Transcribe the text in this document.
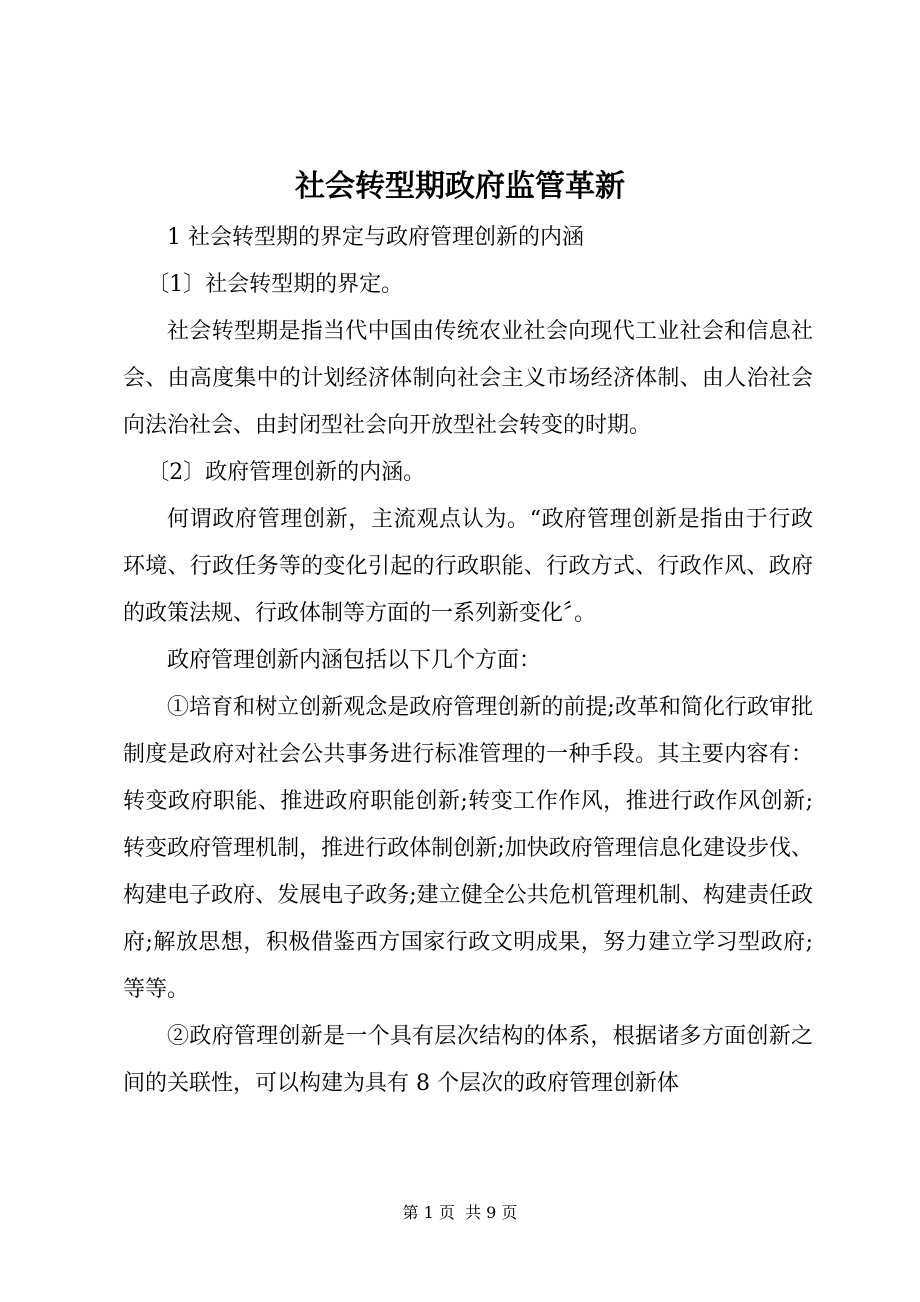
社会转型期政府监管革新

1 社会转型期的界定与政府管理创新的内涵

〔1〕社会转型期的界定。

社会转型期是指当代中国由传统农业社会向现代工业社会和信息社会、由高度集中的计划经济体制向社会主义市场经济体制、由人治社会向法治社会、由封闭型社会向开放型社会转变的时期。

〔2〕政府管理创新的内涵。

何谓政府管理创新，主流观点认为。“政府管理创新是指由于行政环境、行政任务等的变化引起的行政职能、行政方式、行政作风、政府的政策法规、行政体制等方面的一系列新变化〞。

政府管理创新内涵包括以下几个方面：

①培育和树立创新观念是政府管理创新的前提;改革和简化行政审批制度是政府对社会公共事务进行标准管理的一种手段。其主要内容有：转变政府职能、推进政府职能创新;转变工作作风，推进行政作风创新;转变政府管理机制，推进行政体制创新;加快政府管理信息化建设步伐、构建电子政府、发展电子政务;建立健全公共危机管理机制、构建责任政府;解放思想，积极借鉴西方国家行政文明成果，努力建立学习型政府;等等。

②政府管理创新是一个具有层次结构的体系，根据诸多方面创新之间的关联性，可以构建为具有 8 个层次的政府管理创新体

第 1 页  共 9 页
